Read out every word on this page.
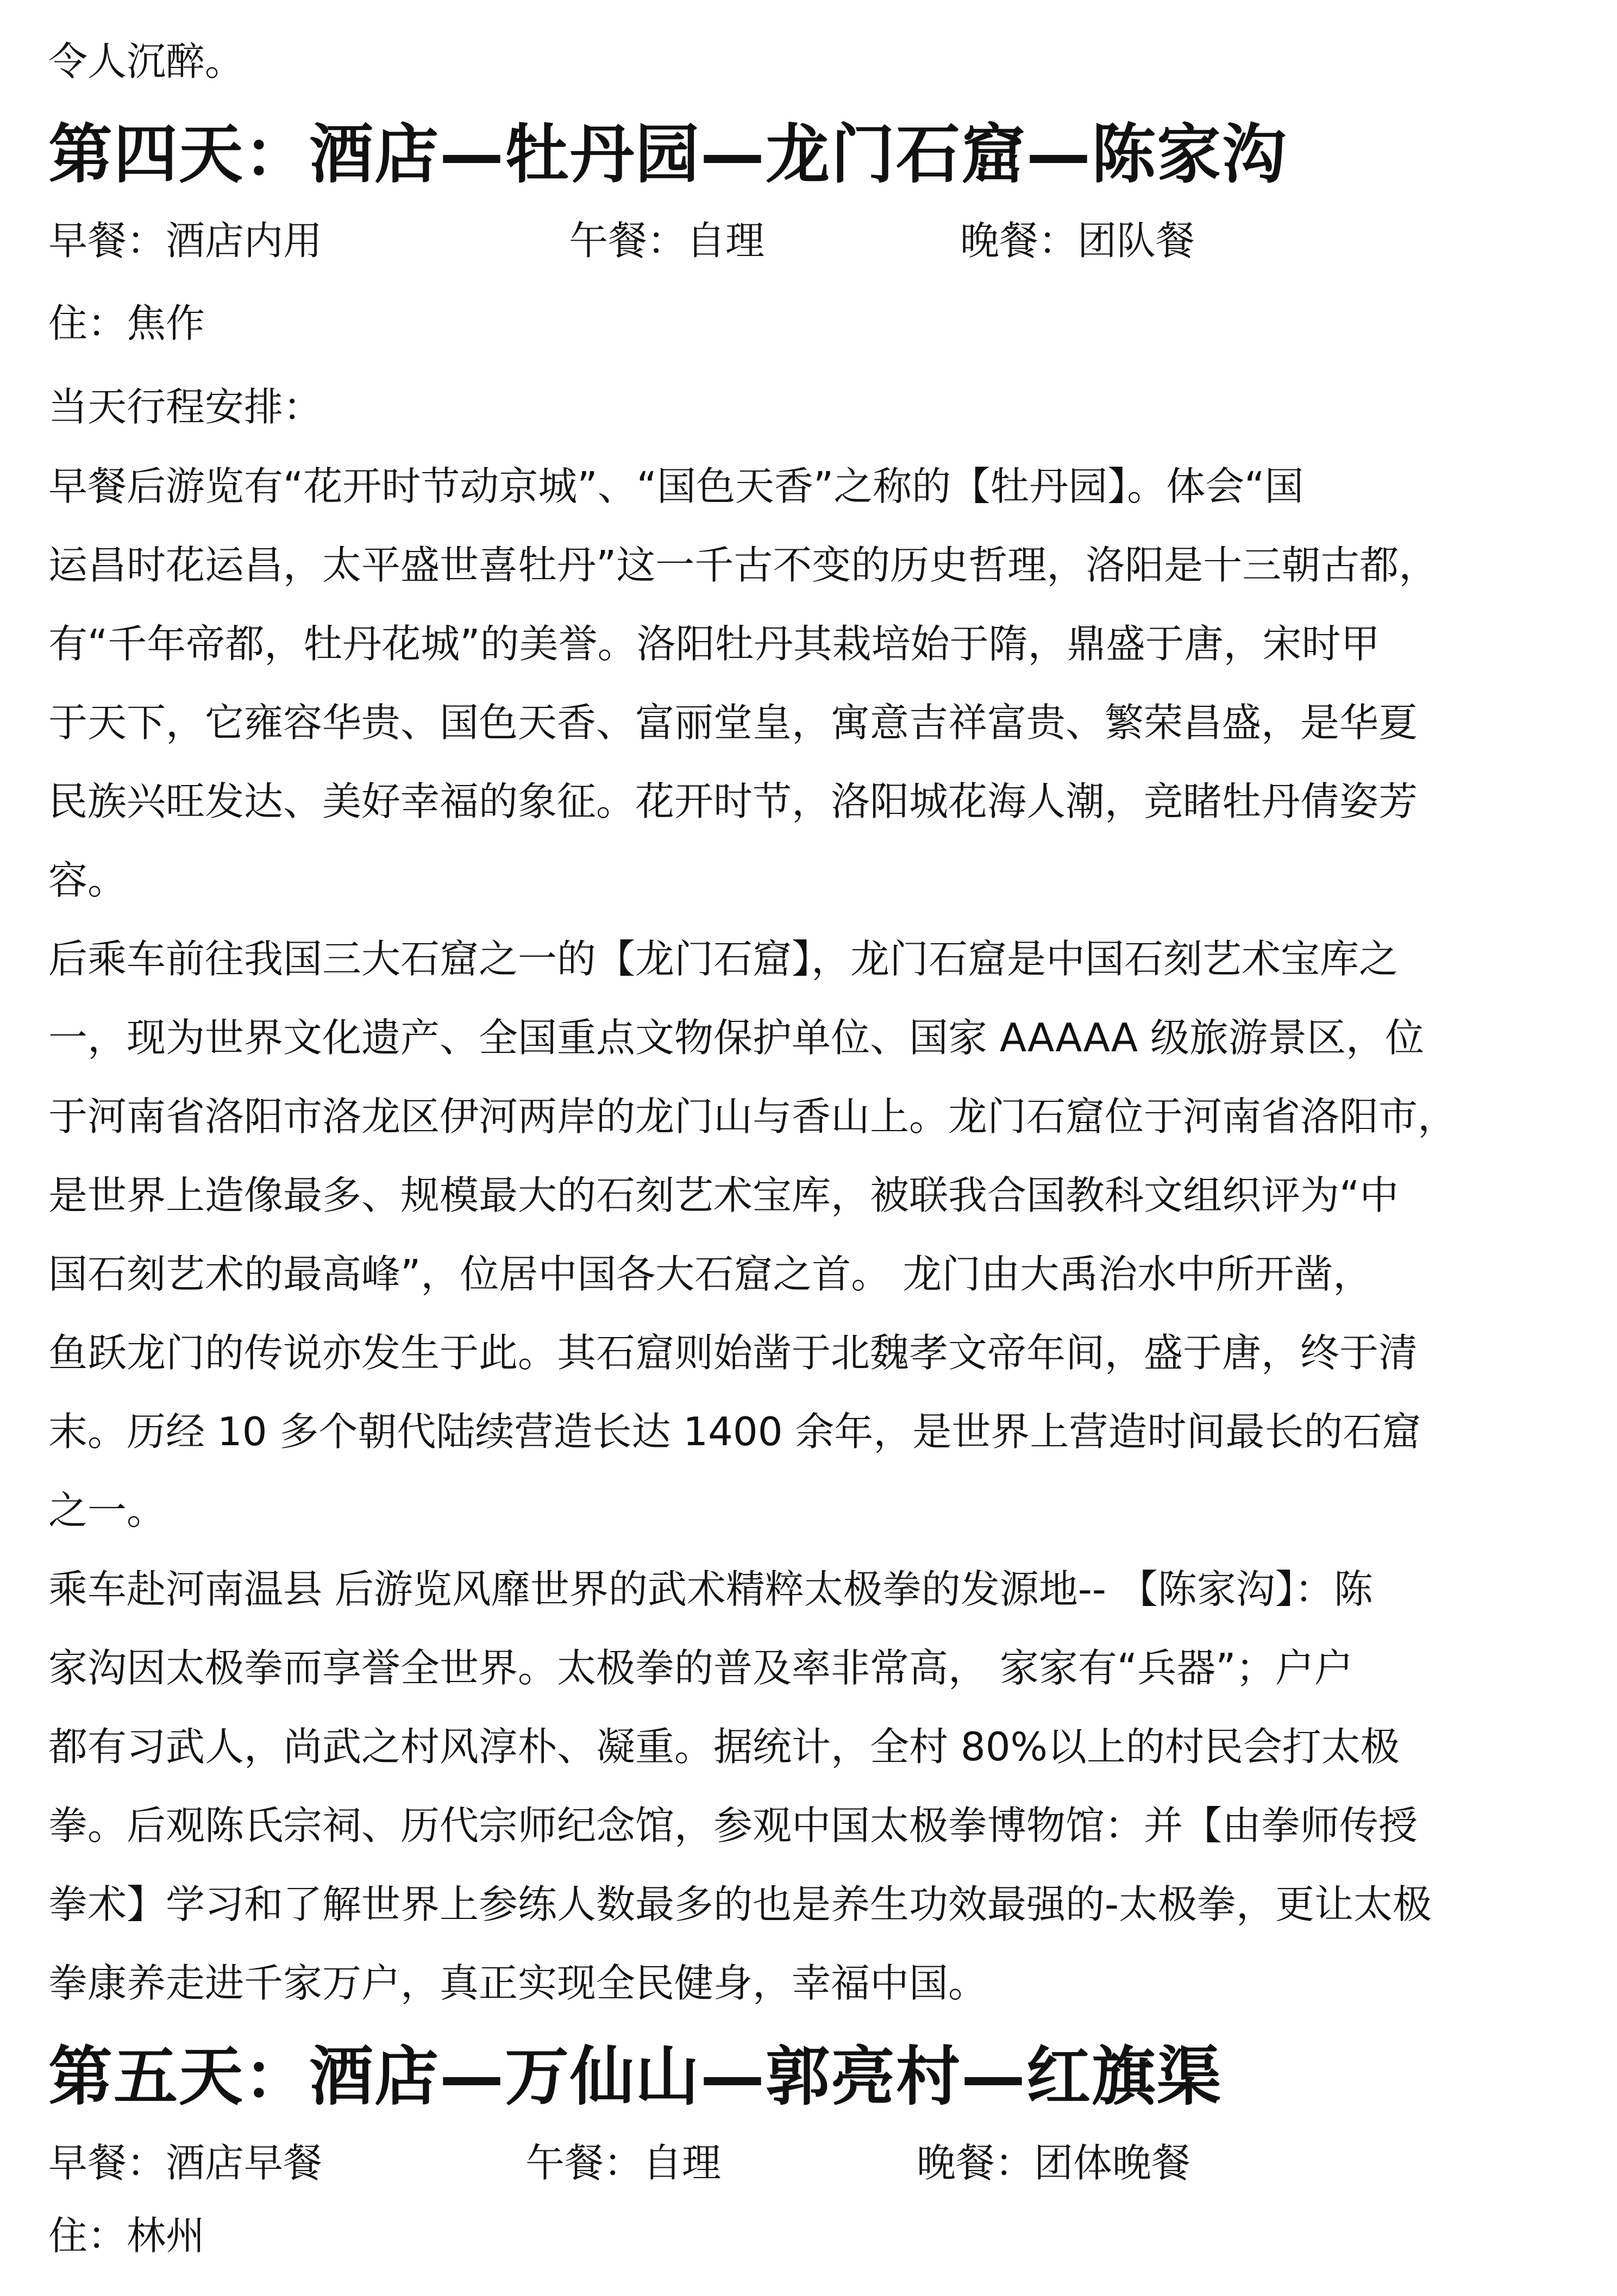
令人沉醉。
第四天：酒店—牡丹园—龙门石窟—陈家沟
早餐：酒店内用	午餐：自理	晚餐：团队餐
住：焦作
当天行程安排：
早餐后游览有“花开时节动京城”、“国色天香”之称的【牡丹园】。体会“国
运昌时花运昌，太平盛世喜牡丹”这一千古不变的历史哲理，洛阳是十三朝古都，
有“千年帝都，牡丹花城”的美誉。洛阳牡丹其栽培始于隋，鼎盛于唐，宋时甲
于天下，它雍容华贵、国色天香、富丽堂皇，寓意吉祥富贵、繁荣昌盛，是华夏
民族兴旺发达、美好幸福的象征。花开时节，洛阳城花海人潮，竞睹牡丹倩姿芳
容。
后乘车前往我国三大石窟之一的【龙门石窟】，龙门石窟是中国石刻艺术宝库之
一，现为世界文化遗产、全国重点文物保护单位、国家 AAAAA 级旅游景区，位
于河南省洛阳市洛龙区伊河两岸的龙门山与香山上。龙门石窟位于河南省洛阳市，
是世界上造像最多、规模最大的石刻艺术宝库，被联我合国教科文组织评为“中
国石刻艺术的最高峰”，位居中国各大石窟之首。 龙门由大禹治水中所开凿，
鱼跃龙门的传说亦发生于此。其石窟则始凿于北魏孝文帝年间，盛于唐，终于清
末。历经 10 多个朝代陆续营造长达 1400 余年，是世界上营造时间最长的石窟
之一。
乘车赴河南温县 后游览风靡世界的武术精粹太极拳的发源地-- 【陈家沟】：陈
家沟因太极拳而享誉全世界。太极拳的普及率非常高， 家家有“兵器”；户户
都有习武人，尚武之村风淳朴、凝重。据统计，全村 80%以上的村民会打太极
拳。后观陈氏宗祠、历代宗师纪念馆，参观中国太极拳博物馆：并【由拳师传授
拳术】学习和了解世界上参练人数最多的也是养生功效最强的-太极拳，更让太极
拳康养走进千家万户，真正实现全民健身，幸福中国。
第五天：酒店—万仙山—郭亮村—红旗渠
早餐：酒店早餐	午餐：自理	晚餐：团体晚餐
住：林州
